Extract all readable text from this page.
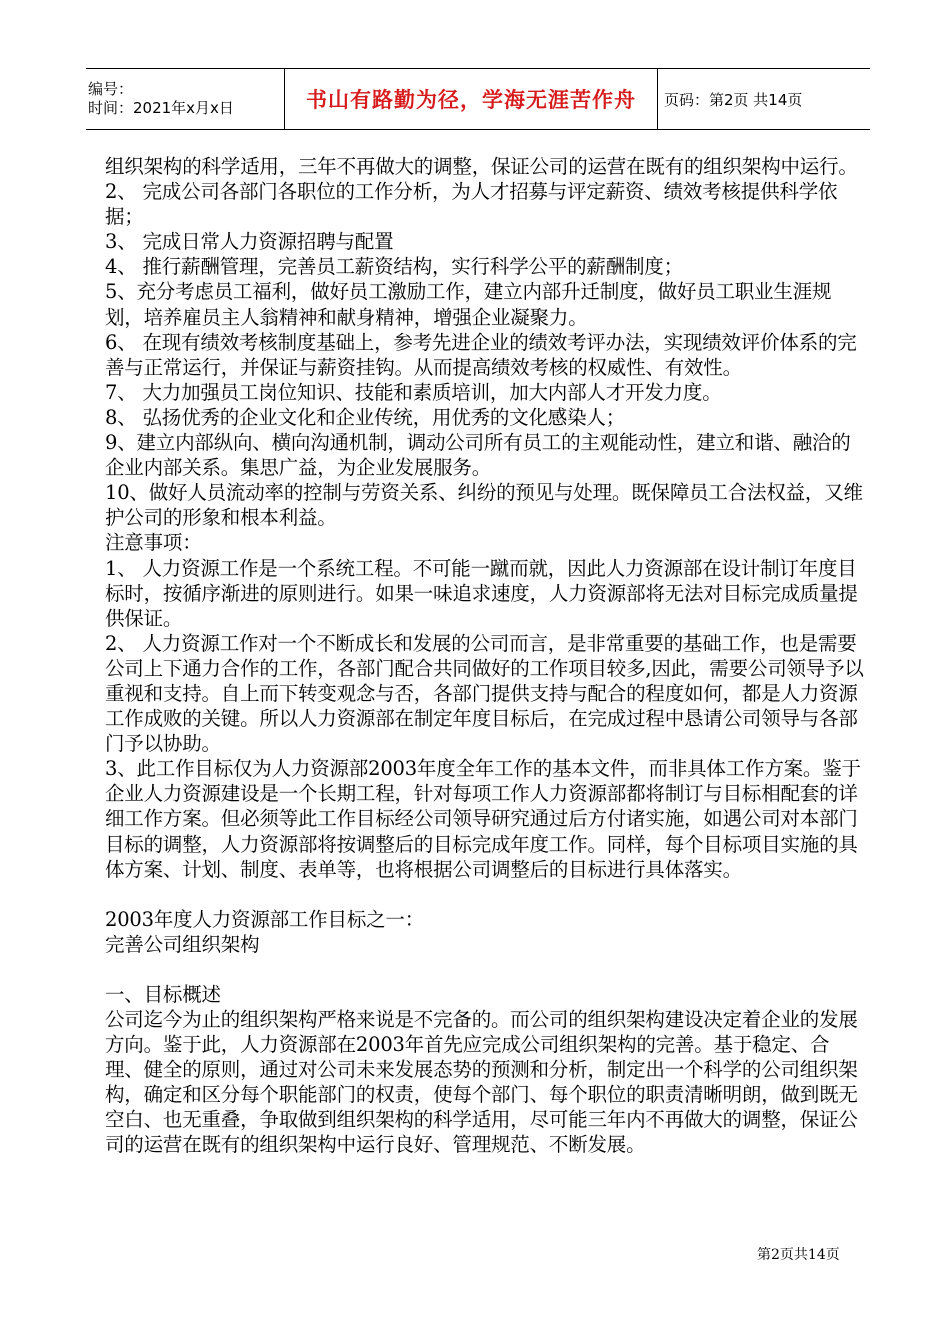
编号：
时间：2021年x月x日	书山有路勤为径，学海无涯苦作舟 页码：第2页 共14页

组织架构的科学适用，三年不再做大的调整，保证公司的运营在既有的组织架构中运行。

2、 完成公司各部门各职位的工作分析，为人才招募与评定薪资、绩效考核提供科学依据；

3、 完成日常人力资源招聘与配置

4、 推行薪酬管理，完善员工薪资结构，实行科学公平的薪酬制度；

5、充分考虑员工福利，做好员工激励工作，建立内部升迁制度，做好员工职业生涯规划，培养雇员主人翁精神和献身精神，增强企业凝聚力。

6、 在现有绩效考核制度基础上，参考先进企业的绩效考评办法，实现绩效评价体系的完善与正常运行，并保证与薪资挂钩。从而提高绩效考核的权威性、有效性。

7、 大力加强员工岗位知识、技能和素质培训，加大内部人才开发力度。

8、 弘扬优秀的企业文化和企业传统，用优秀的文化感染人；

9、建立内部纵向、横向沟通机制，调动公司所有员工的主观能动性，建立和谐、融洽的企业内部关系。集思广益，为企业发展服务。

10、做好人员流动率的控制与劳资关系、纠纷的预见与处理。既保障员工合法权益，又维护公司的形象和根本利益。

注意事项：

1、 人力资源工作是一个系统工程。不可能一蹴而就，因此人力资源部在设计制订年度目标时，按循序渐进的原则进行。如果一味追求速度，人力资源部将无法对目标完成质量提供保证。

2、 人力资源工作对一个不断成长和发展的公司而言，是非常重要的基础工作，也是需要公司上下通力合作的工作，各部门配合共同做好的工作项目较多,因此，需要公司领导予以重视和支持。自上而下转变观念与否，各部门提供支持与配合的程度如何，都是人力资源工作成败的关键。所以人力资源部在制定年度目标后，在完成过程中恳请公司领导与各部门予以协助。

3、此工作目标仅为人力资源部2003年度全年工作的基本文件，而非具体工作方案。鉴于企业人力资源建设是一个长期工程，针对每项工作人力资源部都将制订与目标相配套的详细工作方案。但必须等此工作目标经公司领导研究通过后方付诸实施，如遇公司对本部门目标的调整，人力资源部将按调整后的目标完成年度工作。同样，每个目标项目实施的具体方案、计划、制度、表单等，也将根据公司调整后的目标进行具体落实。

2003年度人力资源部工作目标之一：

完善公司组织架构

一、目标概述

公司迄今为止的组织架构严格来说是不完备的。而公司的组织架构建设决定着企业的发展方向。鉴于此，人力资源部在2003年首先应完成公司组织架构的完善。基于稳定、合理、健全的原则，通过对公司未来发展态势的预测和分析，制定出一个科学的公司组织架构，确定和区分每个职能部门的权责，使每个部门、每个职位的职责清晰明朗，做到既无空白、也无重叠，争取做到组织架构的科学适用，尽可能三年内不再做大的调整，保证公司的运营在既有的组织架构中运行良好、管理规范、不断发展。

第2页共14页
